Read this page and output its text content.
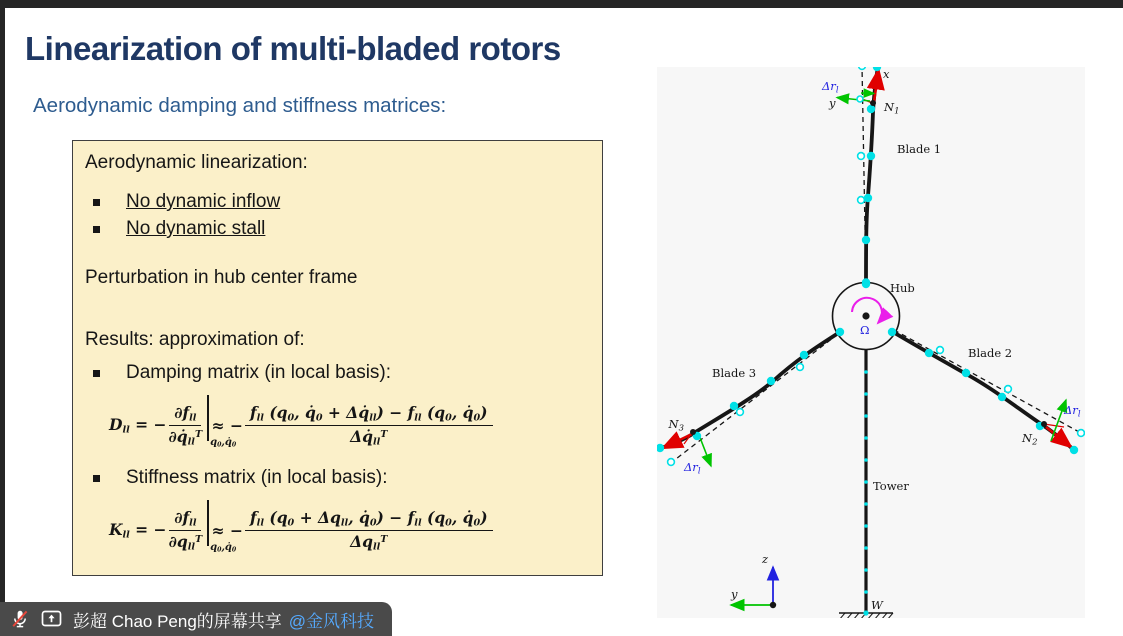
Linearization of multi-bladed rotors
Aerodynamic damping and stiffness matrices:
Aerodynamic linearization:
No dynamic inflow
No dynamic stall
Perturbation in hub center frame
Results: approximation of:
Damping matrix (in local basis):
Dll = − $\frac{\text{∂fll}}{\partial q̇ll^T}$ q0,q̇0
≈ − $\frac{\text{fll (q0, q̇0 + Δq̇ll) − fll (q0, q̇0)}}{\Delta q̇ll^T}$
Stiffness matrix (in local basis):
Kll = − $\frac{\text{∂fll}}{\partial qll^T}$ q0,q̇0
≈ − $\frac{\text{fll (q0 + Δqll, q̇0) − fll (q0, q̇0)}}{\Delta qll^T}$
Tower
W
$\Delta r_l$
x
y	$N_1$
Blade 1
$\Delta r_l$
$N_2$
Blade 2
$\Delta r_l$
$N_3$
Blade 3
Ω
Hub
y
z
彭超 Chao Peng的屏幕共享 @金风科技
